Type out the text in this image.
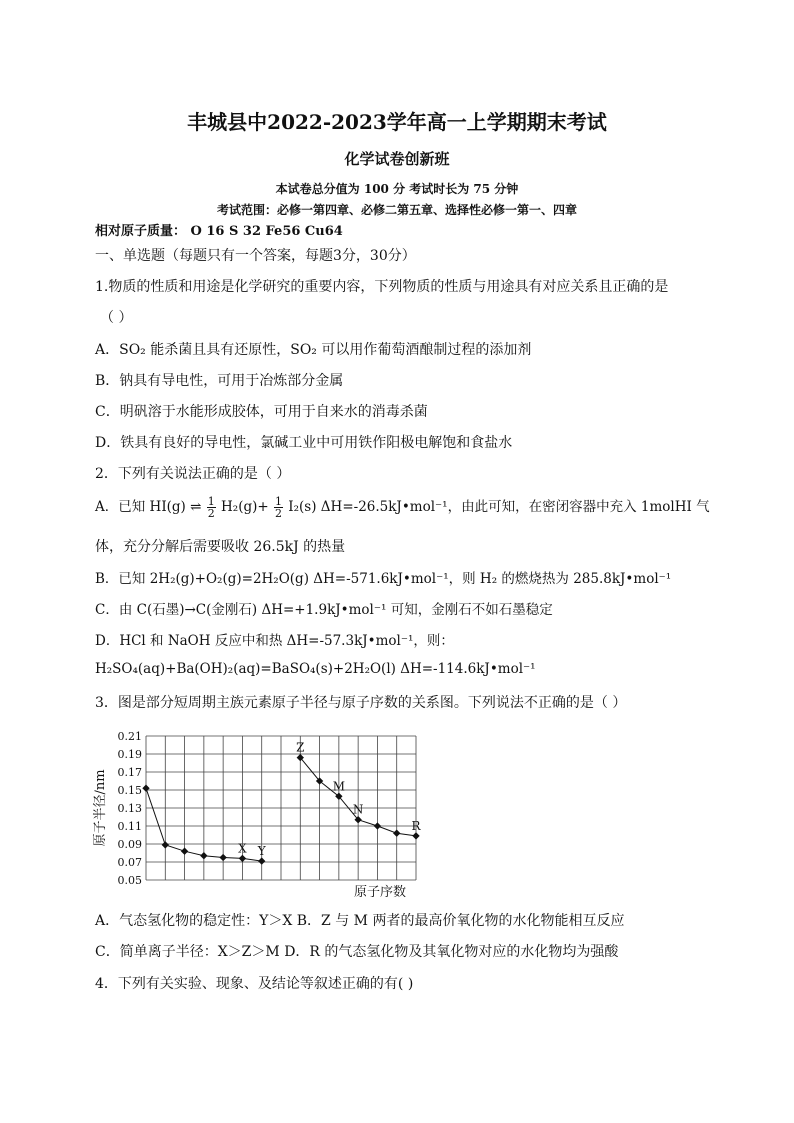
丰城县中2022-2023学年高一上学期期末考试
化学试卷创新班
本试卷总分值为 100 分 考试时长为 75 分钟
考试范围：必修一第四章、必修二第五章、选择性必修一第一、四章
相对原子质量： O 16 S 32 Fe56 Cu64
一、单选题（每题只有一个答案，每题3分，30分）
1.物质的性质和用途是化学研究的重要内容，下列物质的性质与用途具有对应关系且正确的是
（ ）
A．SO₂ 能杀菌且具有还原性，SO₂ 可以用作葡萄酒酿制过程的添加剂
B．钠具有导电性，可用于冶炼部分金属
C．明矾溶于水能形成胶体，可用于自来水的消毒杀菌
D．铁具有良好的导电性，氯碱工业中可用铁作阳极电解饱和食盐水
2．下列有关说法正确的是（ ）
A．已知 HI(g) ⇌ $\frac{1}{2} H_2(g)+ \frac{1}{2} I_2(s)$ ΔH=-26.5kJ•mol⁻¹，由此可知，在密闭容器中充入 1molHI 气
体，充分分解后需要吸收 26.5kJ 的热量
B．已知 2H₂(g)+O₂(g)=2H₂O(g) ΔH=-571.6kJ•mol⁻¹，则 H₂ 的燃烧热为 285.8kJ•mol⁻¹
C．由 C(石墨)→C(金刚石) ΔH=+1.9kJ•mol⁻¹ 可知，金刚石不如石墨稳定
D．HCl 和 NaOH 反应中和热 ΔH=-57.3kJ•mol⁻¹，则：
H₂SO₄(aq)+Ba(OH)₂(aq)=BaSO₄(s)+2H₂O(l) ΔH=-114.6kJ•mol⁻¹
3．图是部分短周期主族元素原子半径与原子序数的关系图。下列说法不正确的是（ ）
0.21
0.19
0.17
0.15
0.13
0.11
0.09
0.07
0.05
原子半径/nm
原子序数
X Y
Z
M
N
R
A．气态氢化物的稳定性：Y＞X B．Z 与 M 两者的最高价氧化物的水化物能相互反应
C．简单离子半径：X＞Z＞M D．R 的气态氢化物及其氧化物对应的水化物均为强酸
4．下列有关实验、现象、及结论等叙述正确的有( )
